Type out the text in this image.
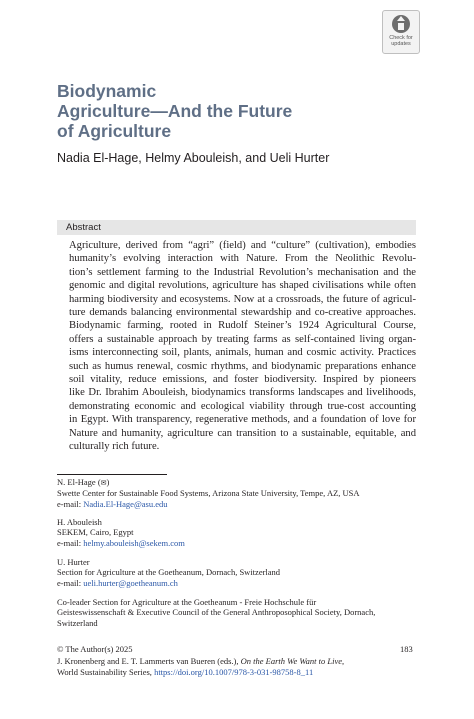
Check for
updates
Biodynamic
Agriculture—And the Future
of Agriculture

Nadia El-Hage, Helmy Abouleish, and Ueli Hurter

Abstract
Agriculture, derived from “agri” (field) and “culture” (cultivation), embodies
humanity’s evolving interaction with Nature. From the Neolithic Revolu-
tion’s settlement farming to the Industrial Revolution’s mechanisation and the
genomic and digital revolutions, agriculture has shaped civilisations while often
harming biodiversity and ecosystems. Now at a crossroads, the future of agricul-
ture demands balancing environmental stewardship and co-creative approaches.
Biodynamic farming, rooted in Rudolf Steiner’s 1924 Agricultural Course,
offers a sustainable approach by treating farms as self-contained living organ-
isms interconnecting soil, plants, animals, human and cosmic activity. Practices
such as humus renewal, cosmic rhythms, and biodynamic preparations enhance
soil vitality, reduce emissions, and foster biodiversity. Inspired by pioneers
like Dr. Ibrahim Abouleish, biodynamics transforms landscapes and livelihoods,
demonstrating economic and ecological viability through true-cost accounting
in Egypt. With transparency, regenerative methods, and a foundation of love for
Nature and humanity, agriculture can transition to a sustainable, equitable, and
culturally rich future.
N. El-Hage (✉)
Swette Center for Sustainable Food Systems, Arizona State University, Tempe, AZ, USA
e-mail: Nadia.El-Hage@asu.edu
H. Abouleish
SEKEM, Cairo, Egypt
e-mail: helmy.abouleish@sekem.com
U. Hurter
Section for Agriculture at the Goetheanum, Dornach, Switzerland
e-mail: ueli.hurter@goetheanum.ch
Co-leader Section for Agriculture at the Goetheanum - Freie Hochschule für
Geisteswissenschaft & Executive Council of the General Anthroposophical Society, Dornach,
Switzerland
© The Author(s) 2025
J. Kronenberg and E. T. Lammerts van Bueren (eds.), On the Earth We Want to Live,
World Sustainability Series, https://doi.org/10.1007/978-3-031-98758-8_11
183
